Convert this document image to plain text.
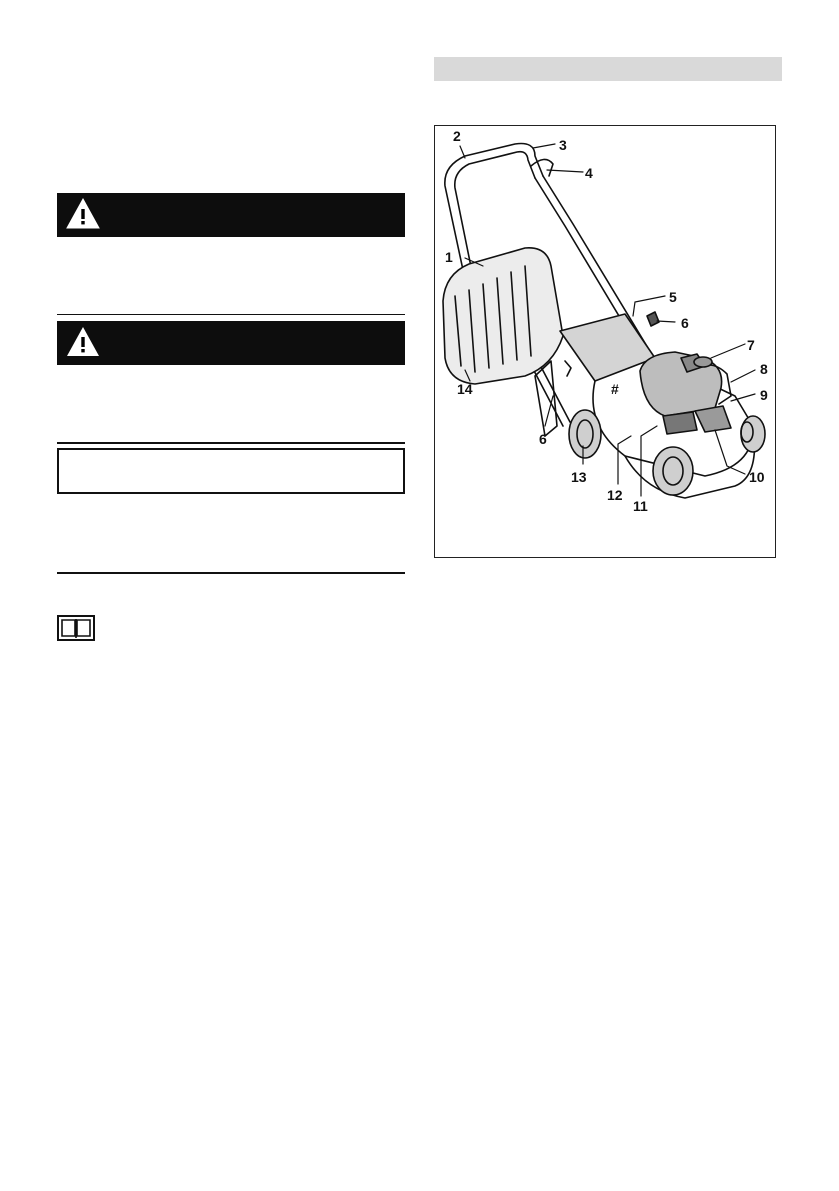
1
2
3
4
5
6
6
7
8
9
10
11
12
13
14	#
